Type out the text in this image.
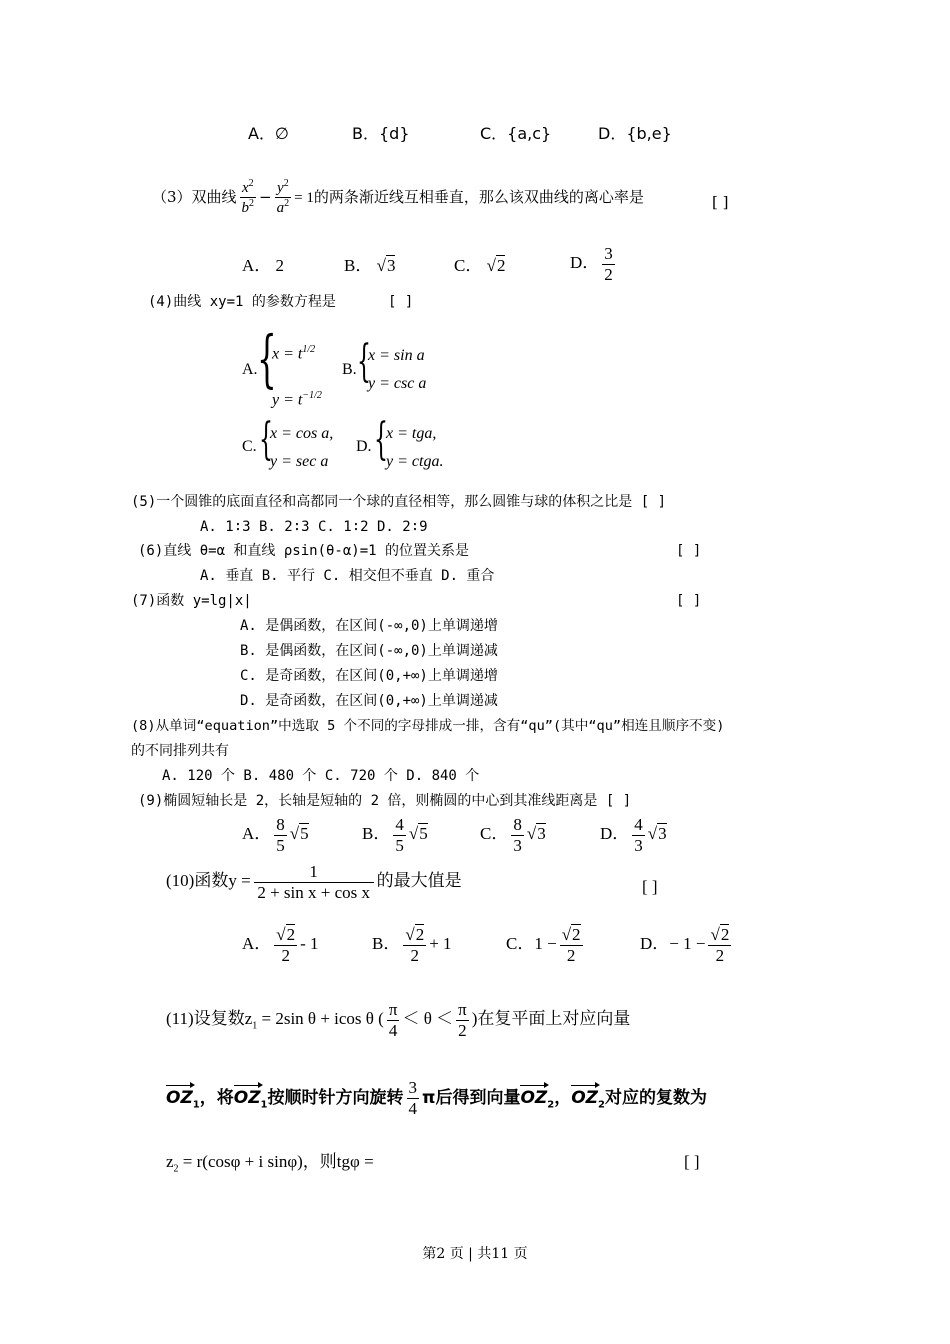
A．∅	B．{d}	C．{a,c}	D．{b,e}
（3）双曲线 $\frac{x^2}{b^2} - \frac{y^2}{a^2} = 1$的两条渐近线互相垂直，那么该双曲线的离心率是	[ ]
A． 2	B． √3	C． √2	D． $\frac{3}{2}$
(4)曲线 xy=1 的参数方程是	[ ]
A. {
$x = t^{1/2}$
$y = t^{-1/2}$
B. {
x = sin a
y = csc a
C. {
x = cos a,
y = sec a
D. {
x = tga,
y = ctga.
(5)一个圆锥的底面直径和高都同一个球的直径相等，那么圆锥与球的体积之比是 [ ]
A. 1∶3 B. 2∶3 C. 1∶2 D. 2∶9
(6)直线 θ=α 和直线 ρsin(θ-α)=1 的位置关系是	[ ]
A. 垂直 B. 平行 C. 相交但不垂直 D. 重合
(7)函数 y=lg|x|	[ ]
A. 是偶函数，在区间(-∞,0)上单调递增
B. 是偶函数，在区间(-∞,0)上单调递减
C. 是奇函数，在区间(0,+∞)上单调递增
D. 是奇函数，在区间(0,+∞)上单调递减
(8)从单词“equation”中选取 5 个不同的字母排成一排，含有“qu”(其中“qu”相连且顺序不变)
的不同排列共有
A. 120 个 B. 480 个 C. 720 个 D. 840 个
(9)椭圆短轴长是 2，长轴是短轴的 2 倍，则椭圆的中心到其准线距离是 [ ]
A． $\frac{8}{5} √5$	B． $\frac{4}{5} √5$	C． $\frac{8}{3} √3$	D． $\frac{4}{3} √3$
(10)函数$y = \frac{1}{\text{2 + sin x + cos x}}$ 的最大值是	[ ]
A． $\frac{√2}{2} - 1$	B． $\frac{√2}{2} + 1$	C．$1 - \frac{√2}{2}$	D．− $1 - \frac{√2}{2}$
(11)设复数$z_1 = 2\sin$ θ + icos θ ( $\frac{\pi}{4} < \theta < \frac{\pi}{2}$ )在复平面上对应向量
$OZ_1$，将$OZ_1$按顺时针方向旋转 $\frac{3}{4}$ π后得到向量$OZ_2$，$OZ_2$对应的复数为
$z_2 = r(\cos\varphi + i$ sinφ)，则tgφ =	[ ]
第2 页 | 共11 页
